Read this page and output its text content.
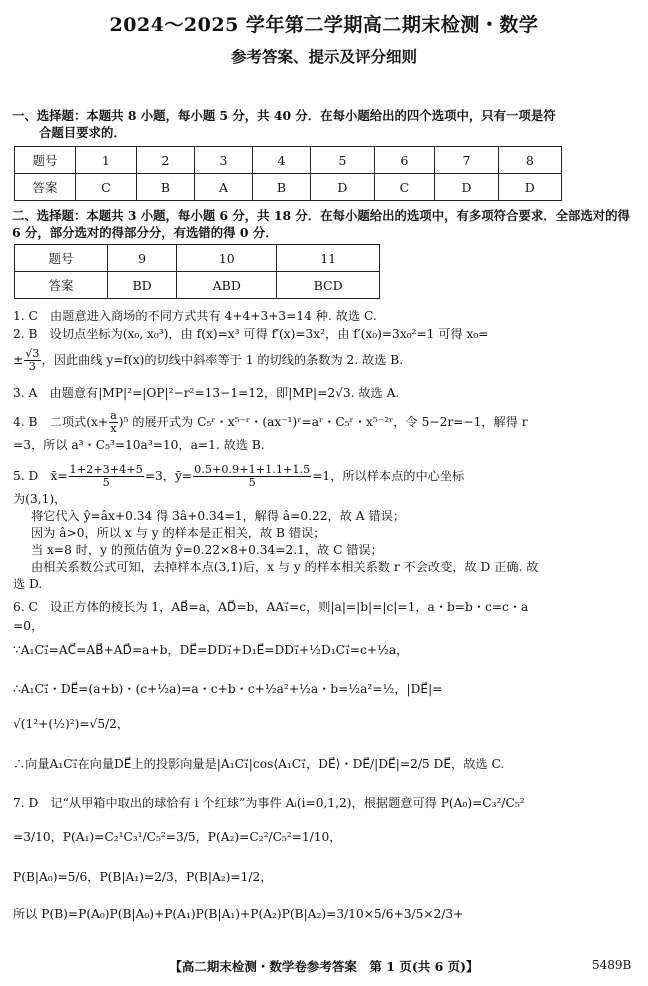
2024～2025 学年第二学期高二期末检测・数学
参考答案、提示及评分细则
一、选择题：本题共 8 小题，每小题 5 分，共 40 分．在每小题给出的四个选项中，只有一项是符
合题目要求的．
题号	1	2	3	4	5	6	7	8
答案	C	B	A	B	D	C	D	D
二、选择题：本题共 3 小题，每小题 6 分，共 18 分．在每小题给出的选项中，有多项符合要求．全部选对的得 6 分，部分选对的得部分分，有选错的得 0 分．
题号	9	10	11
答案	BD	ABD	BCD
1. C　由题意进入商场的不同方式共有 4+4+3+3=14 种. 故选 C.
2. B　设切点坐标为(x₀, x₀³)，由 f(x)=x³ 可得 f′(x)=3x²，由 f′(x₀)=3x₀²=1 可得 x₀=
± $\frac{√3}{3}$ ，因此曲线 y=f(x)的切线中斜率等于 1 的切线的条数为 2. 故选 B.
3. A　由题意有|MP|²=|OP|²−r²=13−1=12，即|MP|=2√3. 故选 A.
4. B　二项式$(x+ \frac{a}{x} )^5$ 的展开式为 C₅ʳ・x⁵⁻ʳ・(ax⁻¹)ʳ=aʳ・C₅ʳ・x⁵⁻²ʳ，令 5−2r=−1，解得 r
=3，所以 a³・C₅³=10a³=10，a=1. 故选 B.
5. D　x̄= $\frac{1+2+3+4+5}{5} =3$，ȳ= $\frac{0.5+0.9+1+1.1+1.5}{5} =1$，所以样本点的中心坐标
为(3,1)，
将它代入 ŷ=âx+0.34 得 3â+0.34=1，解得 â=0.22，故 A 错误；
因为 â>0，所以 x 与 y 的样本是正相关，故 B 错误；
当 x=8 时，y 的预估值为 ŷ=0.22×8+0.34=2.1，故 C 错误；
由相关系数公式可知，去掉样本点(3,1)后，x 与 y 的样本相关系数 r 不会改变，故 D 正确. 故
选 D.
6. C　设正方体的棱长为 1，AB⃗=a，AD⃗=b，AA₁⃗=c，则|a|=|b|=|c|=1，a・b=b・c=c・a
=0，
∵A₁C₁⃗=AC⃗=AB⃗+AD⃗=a+b，DE⃗=DD₁⃗+D₁E⃗=DD₁⃗+½D₁C₁⃗=c+½a，
∴A₁C₁⃗・DE⃗=(a+b)・(c+½a)=a・c+b・c+½a²+½a・b=½a²=½，|DE⃗|=
√(1²+(½)²)=√5/2，
∴向量A₁C₁⃗在向量DE⃗上的投影向量是|A₁C₁⃗|cos⟨A₁C₁⃗，DE⃗⟩・DE⃗/|DE⃗|=2/5 DE⃗，故选 C.
7. D　记“从甲箱中取出的球恰有 i 个红球”为事件 Aᵢ(i=0,1,2)，根据题意可得 P(A₀)=C₃²/C₅²
=3/10，P(A₁)=C₂¹C₃¹/C₅²=3/5，P(A₂)=C₂²/C₅²=1/10，
P(B|A₀)=5/6，P(B|A₁)=2/3，P(B|A₂)=1/2，
所以 P(B)=P(A₀)P(B|A₀)+P(A₁)P(B|A₁)+P(A₂)P(B|A₂)=3/10×5/6+3/5×2/3+
【高二期末检测・数学卷参考答案　第 1 页(共 6 页)】	5489B
